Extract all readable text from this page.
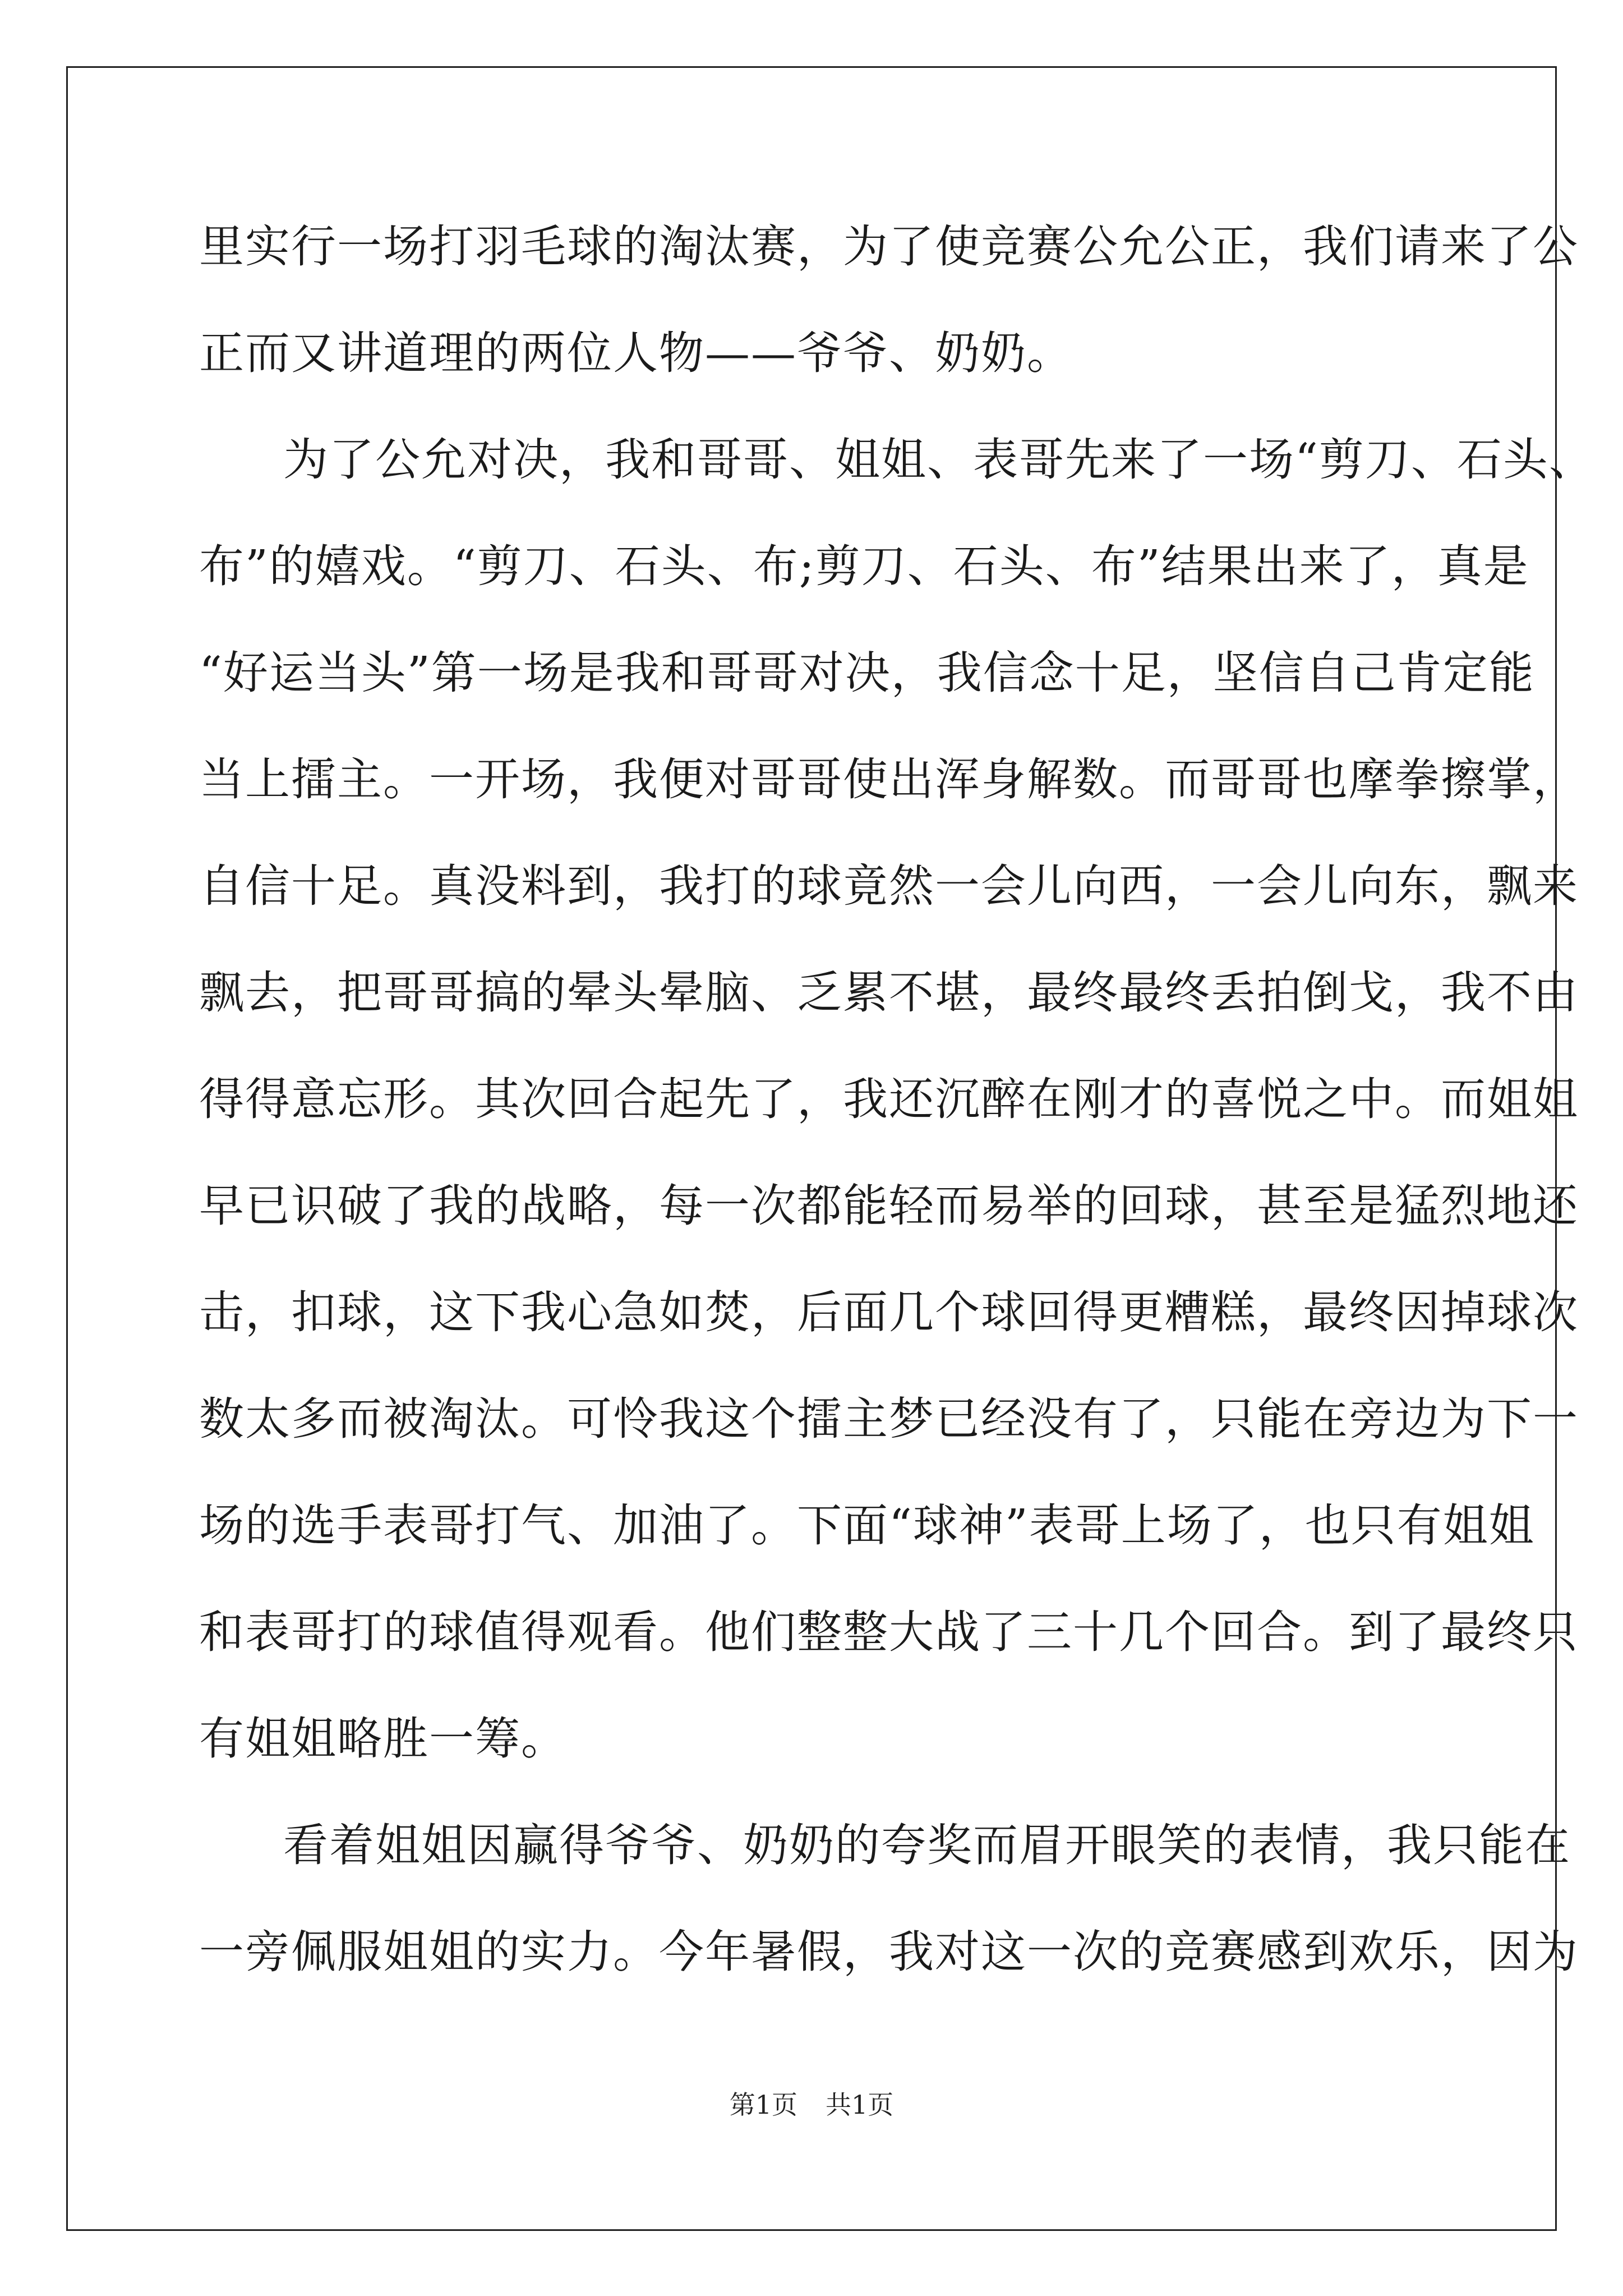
里实行一场打羽毛球的淘汰赛，为了使竞赛公允公正，我们请来了公
正而又讲道理的两位人物——爷爷、奶奶。
为了公允对决，我和哥哥、姐姐、表哥先来了一场“剪刀、石头、
布”的嬉戏。“剪刀、石头、布;剪刀、石头、布”结果出来了，真是
“好运当头”第一场是我和哥哥对决，我信念十足，坚信自己肯定能
当上擂主。一开场，我便对哥哥使出浑身解数。而哥哥也摩拳擦掌，
自信十足。真没料到，我打的球竟然一会儿向西，一会儿向东，飘来
飘去，把哥哥搞的晕头晕脑、乏累不堪，最终最终丢拍倒戈，我不由
得得意忘形。其次回合起先了，我还沉醉在刚才的喜悦之中。而姐姐
早已识破了我的战略，每一次都能轻而易举的回球，甚至是猛烈地还
击，扣球，这下我心急如焚，后面几个球回得更糟糕，最终因掉球次
数太多而被淘汰。可怜我这个擂主梦已经没有了，只能在旁边为下一
场的选手表哥打气、加油了。下面“球神”表哥上场了，也只有姐姐
和表哥打的球值得观看。他们整整大战了三十几个回合。到了最终只
有姐姐略胜一筹。
看着姐姐因赢得爷爷、奶奶的夸奖而眉开眼笑的表情，我只能在
一旁佩服姐姐的实力。今年暑假，我对这一次的竞赛感到欢乐，因为
第1页 共1页
